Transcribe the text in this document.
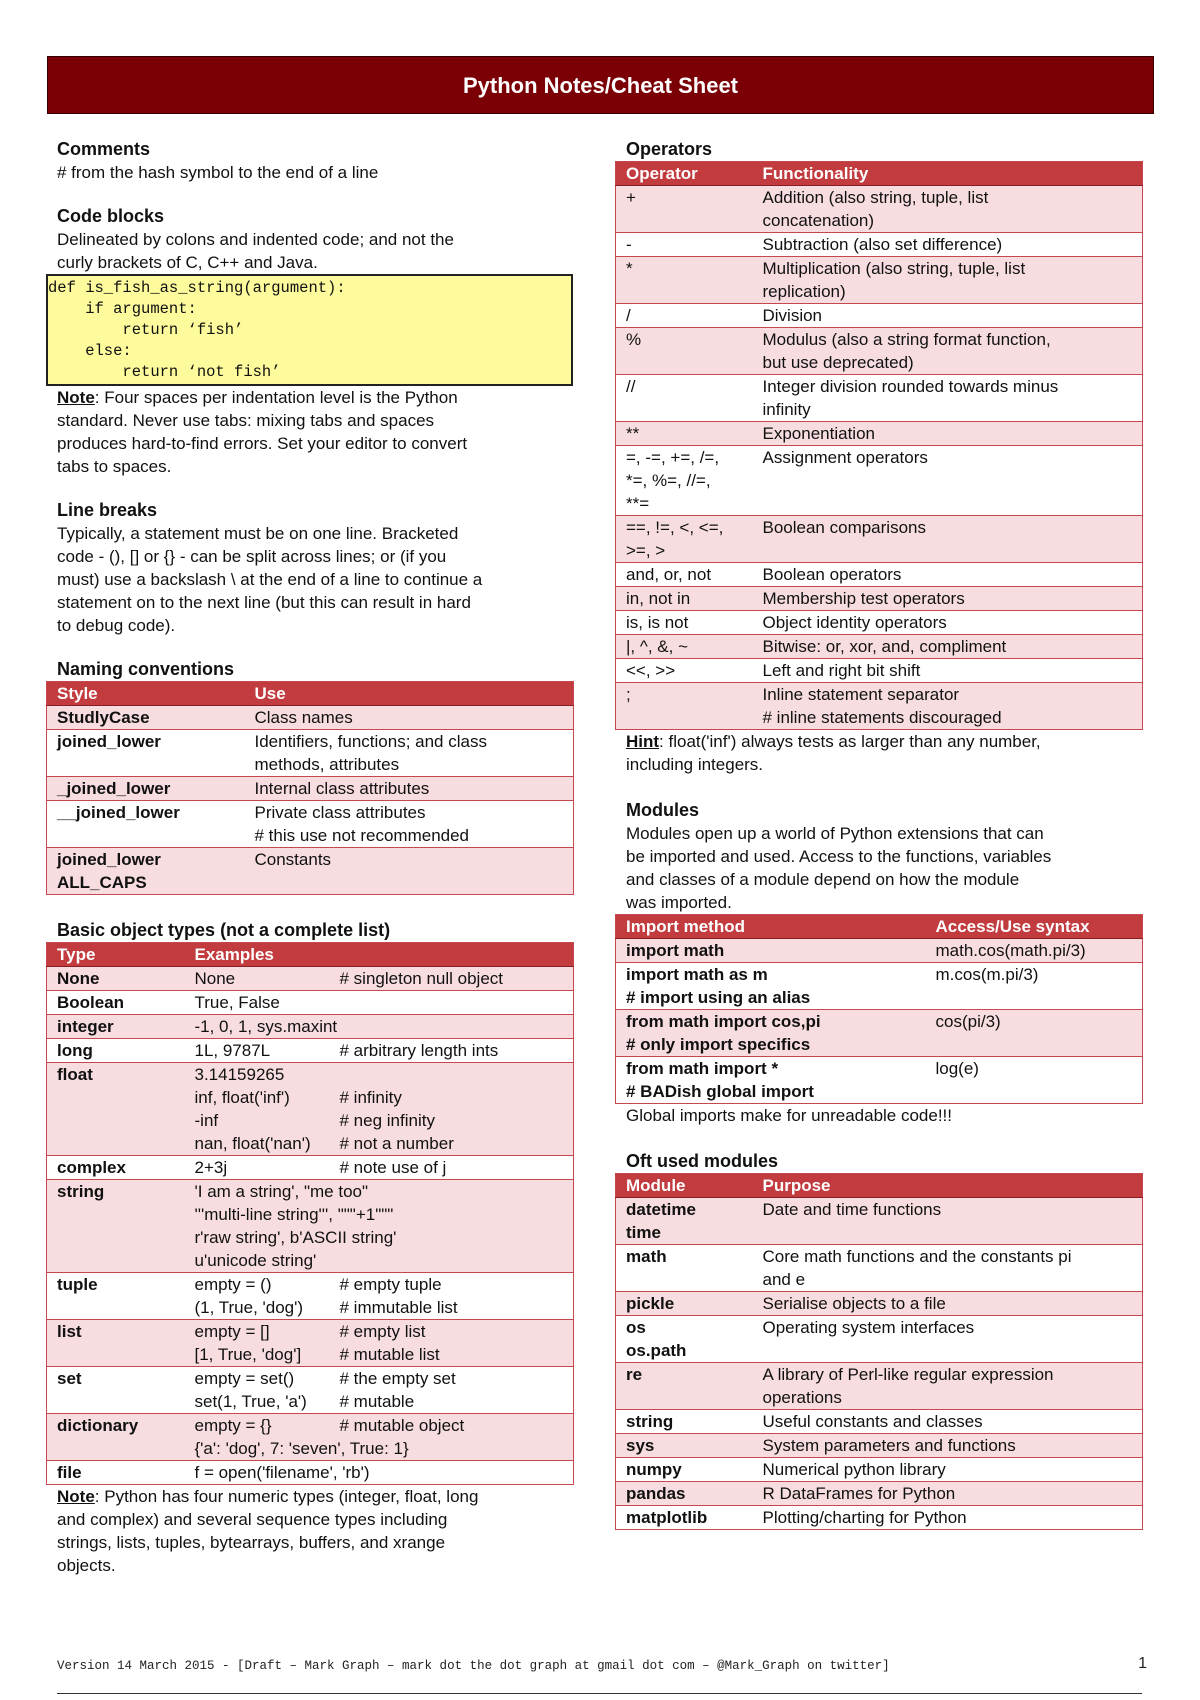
Python Notes/Cheat Sheet
Comments
# from the hash symbol to the end of a line
Code blocks
Delineated by colons and indented code; and not the
curly brackets of C, C++ and Java.
def is_fish_as_string(argument):
if argument:
return ‘fish’
else:
return ‘not fish’
Note: Four spaces per indentation level is the Python
standard. Never use tabs: mixing tabs and spaces
produces hard-to-find errors. Set your editor to convert
tabs to spaces.
Line breaks
Typically, a statement must be on one line. Bracketed
code - (), [] or {} - can be split across lines; or (if you
must) use a backslash \ at the end of a line to continue a
statement on to the next line (but this can result in hard
to debug code).
Naming conventions
Style	Use
StudlyCase	Class names
joined_lower	Identifiers, functions; and class
methods, attributes

_joined_lower	Internal class attributes
__joined_lower	Private class attributes
# this use not recommended

joined_lower
ALL_CAPS	Constants
Basic object types (not a complete list)
Type	Examples
None	None # singleton null object

Boolean	True, False

integer	-1, 0, 1, sys.maxint

long	1L, 9787L # arbitrary length ints

float	3.14159265
inf, float('inf') # infinity
-inf # neg infinity
nan, float('nan') # not a number

complex	2+3j # note use of j

string	'I am a string', "me too"
'''multi-line string''', """+1"""
r'raw string', b'ASCII string'
u'unicode string'

tuple	empty = () # empty tuple
(1, True, 'dog') # immutable list

list	empty = [] # empty list
[1, True, 'dog'] # mutable list

set	empty = set() # the empty set
set(1, True, 'a') # mutable

dictionary	empty = {} # mutable object
{'a': 'dog', 7: 'seven', True: 1}

file	f = open('filename', 'rb')
Note: Python has four numeric types (integer, float, long
and complex) and several sequence types including
strings, lists, tuples, bytearrays, buffers, and xrange
objects.
Operators
Operator	Functionality

+	Addition (also string, tuple, list
concatenation)

-	Subtraction (also set difference)

*	Multiplication (also string, tuple, list
replication)

/	Division

%	Modulus (also a string format function,
but use deprecated)

//	Integer division rounded towards minus
infinity

**	Exponentiation

=, -=, +=, /=,
*=, %=, //=,
**=	Assignment operators

==, !=, <, <=,
>=, >	Boolean comparisons

and, or, not	Boolean operators

in, not in	Membership test operators

is, is not	Object identity operators

|, ^, &, ~	Bitwise: or, xor, and, compliment

<<, >>	Left and right bit shift

;	Inline statement separator
# inline statements discouraged
Hint: float('inf') always tests as larger than any number,
including integers.
Modules
Modules open up a world of Python extensions that can
be imported and used. Access to the functions, variables
and classes of a module depend on how the module
was imported.
Import method	Access/Use syntax

import math	math.cos(math.pi/3)

import math as m
# import using an alias	m.cos(m.pi/3)

from math import cos,pi
# only import specifics	cos(pi/3)

from math import *
# BADish global import	log(e)
Global imports make for unreadable code!!!
Oft used modules
Module	Purpose

datetime
time	Date and time functions

math	Core math functions and the constants pi
and e

pickle	Serialise objects to a file

os
os.path	Operating system interfaces

re	A library of Perl-like regular expression
operations

string	Useful constants and classes

sys	System parameters and functions

numpy	Numerical python library

pandas	R DataFrames for Python

matplotlib	Plotting/charting for Python
Version 14 March 2015 - [Draft – Mark Graph – mark dot the dot graph at gmail dot com – @Mark_Graph on twitter]	1
